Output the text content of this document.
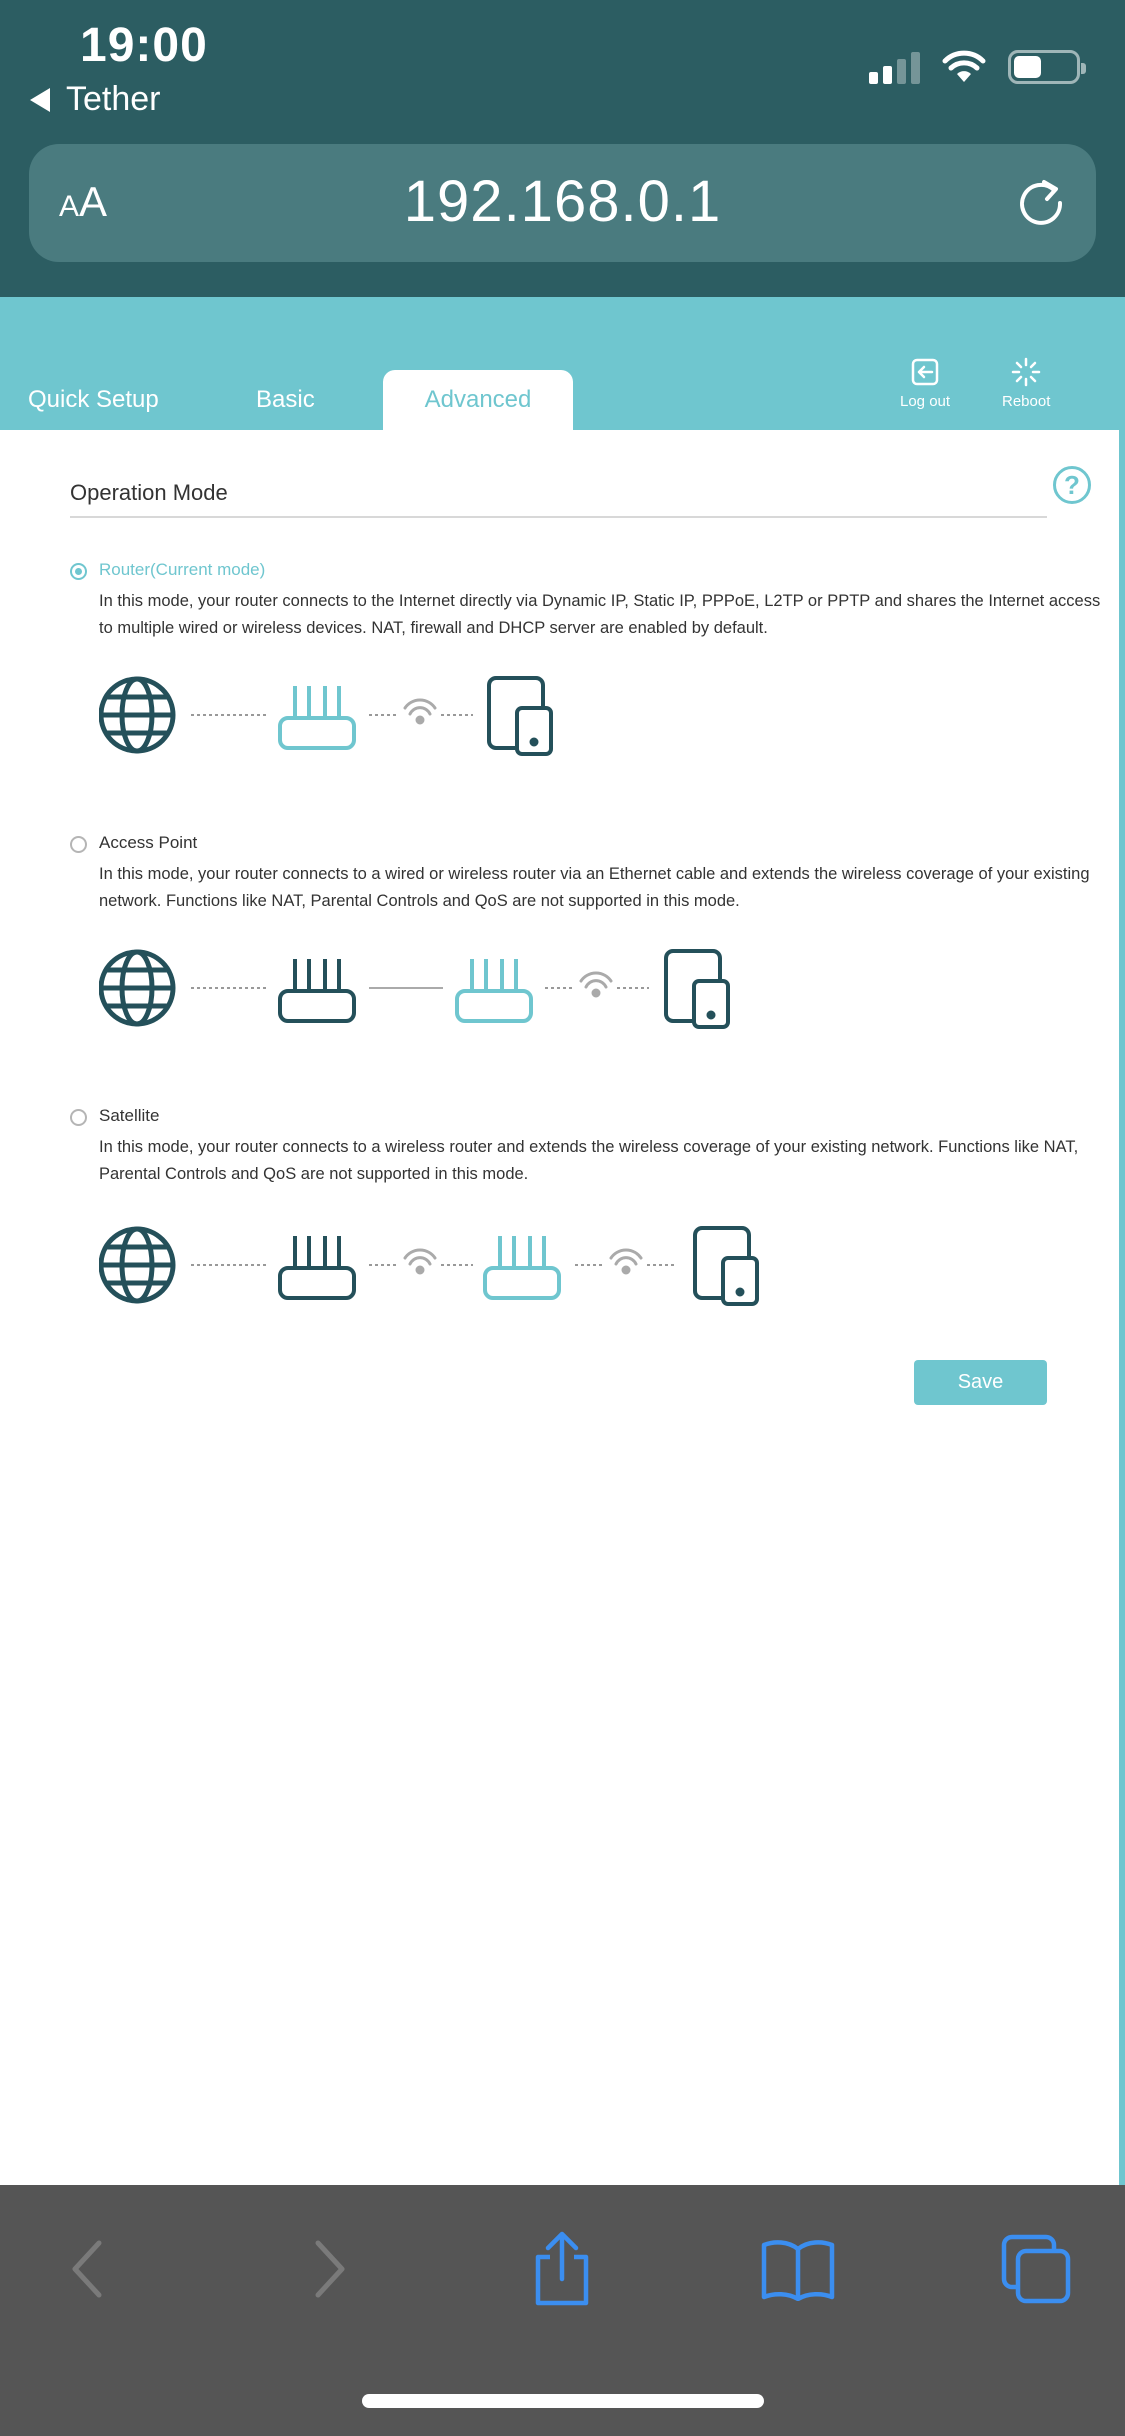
19:00
Tether
A A	192.168.0.1
Quick Setup	Basic	Advanced	Log out	Reboot
Operation Mode	?
Router(Current mode)
In this mode, your router connects to the Internet directly via Dynamic IP, Static IP, PPPoE, L2TP or PPTP and shares the Internet access to multiple wired or wireless devices. NAT, firewall and DHCP server are enabled by default.
Access Point
In this mode, your router connects to a wired or wireless router via an Ethernet cable and extends the wireless coverage of your existing network. Functions like NAT, Parental Controls and QoS are not supported in this mode.
Satellite
In this mode, your router connects to a wireless router and extends the wireless coverage of your existing network. Functions like NAT, Parental Controls and QoS are not supported in this mode.
Save
